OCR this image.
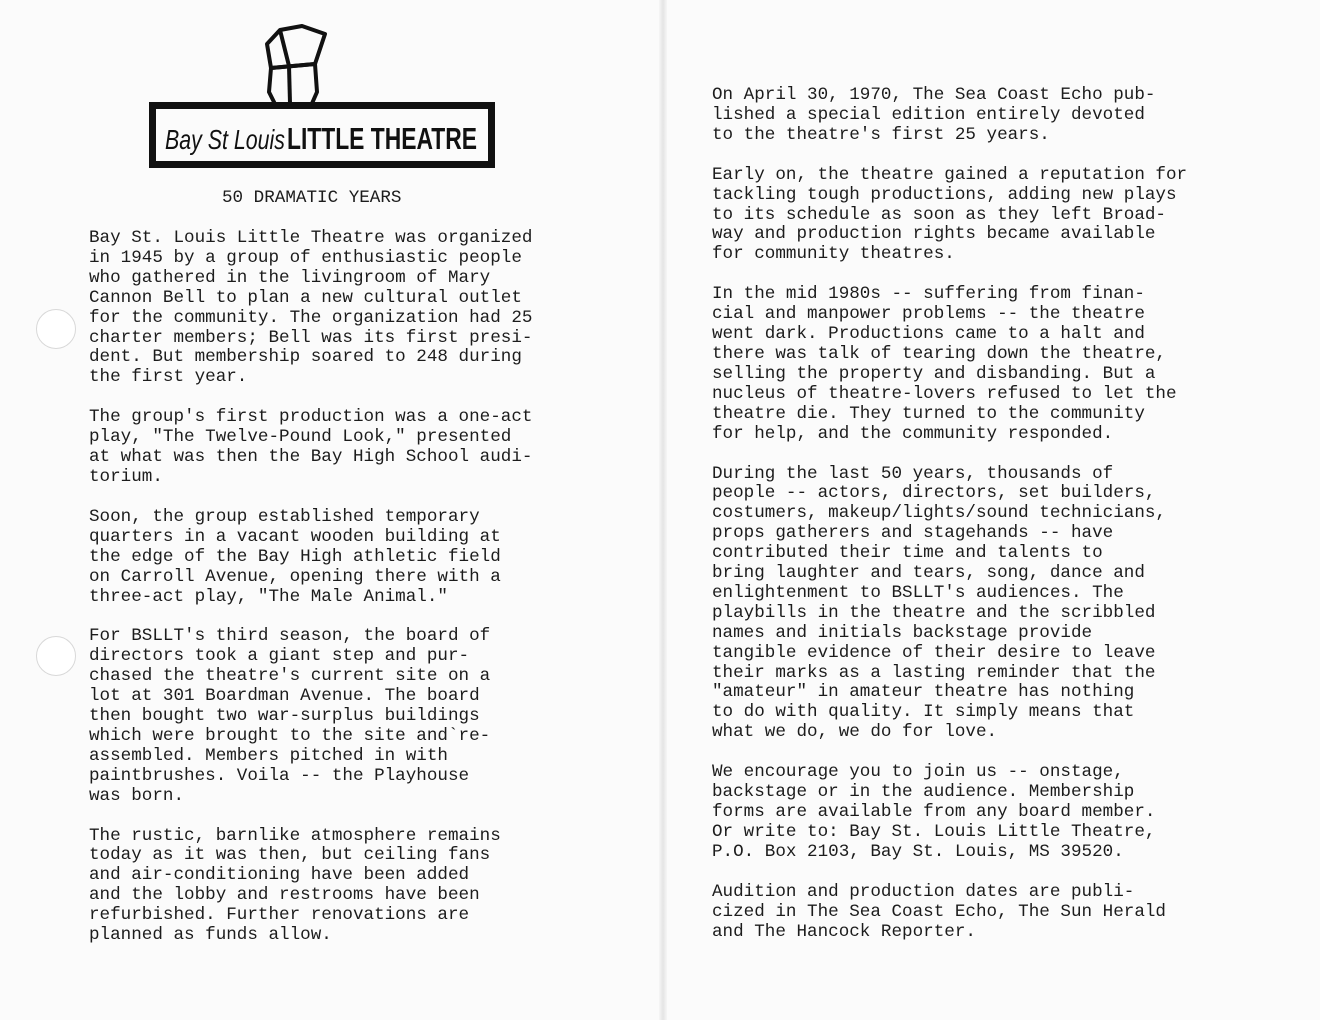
Bay St Louis LITTLE THEATRE
50 DRAMATIC YEARS
Bay St. Louis Little Theatre was organized
in 1945 by a group of enthusiastic people
who gathered in the livingroom of Mary
Cannon Bell to plan a new cultural outlet
for the community. The organization had 25
charter members; Bell was its first presi-
dent. But membership soared to 248 during
the first year.
The group's first production was a one-act
play, "The Twelve-Pound Look," presented
at what was then the Bay High School audi-
torium.
Soon, the group established temporary
quarters in a vacant wooden building at
the edge of the Bay High athletic field
on Carroll Avenue, opening there with a
three-act play, "The Male Animal."
For BSLLT's third season, the board of
directors took a giant step and pur-
chased the theatre's current site on a
lot at 301 Boardman Avenue. The board
then bought two war-surplus buildings
which were brought to the site and`re-
assembled. Members pitched in with
paintbrushes. Voila -- the Playhouse
was born.
The rustic, barnlike atmosphere remains
today as it was then, but ceiling fans
and air-conditioning have been added
and the lobby and restrooms have been
refurbished. Further renovations are
planned as funds allow.
On April 30, 1970, The Sea Coast Echo pub-
lished a special edition entirely devoted
to the theatre's first 25 years.
Early on, the theatre gained a reputation for
tackling tough productions, adding new plays
to its schedule as soon as they left Broad-
way and production rights became available
for community theatres.
In the mid 1980s -- suffering from finan-
cial and manpower problems -- the theatre
went dark. Productions came to a halt and
there was talk of tearing down the theatre,
selling the property and disbanding. But a
nucleus of theatre-lovers refused to let the
theatre die. They turned to the community
for help, and the community responded.
During the last 50 years, thousands of
people -- actors, directors, set builders,
costumers, makeup/lights/sound technicians,
props gatherers and stagehands -- have
contributed their time and talents to
bring laughter and tears, song, dance and
enlightenment to BSLLT's audiences. The
playbills in the theatre and the scribbled
names and initials backstage provide
tangible evidence of their desire to leave
their marks as a lasting reminder that the
"amateur" in amateur theatre has nothing
to do with quality. It simply means that
what we do, we do for love.
We encourage you to join us -- onstage,
backstage or in the audience. Membership
forms are available from any board member.
Or write to: Bay St. Louis Little Theatre,
P.O. Box 2103, Bay St. Louis, MS 39520.
Audition and production dates are publi-
cized in The Sea Coast Echo, The Sun Herald
and The Hancock Reporter.
